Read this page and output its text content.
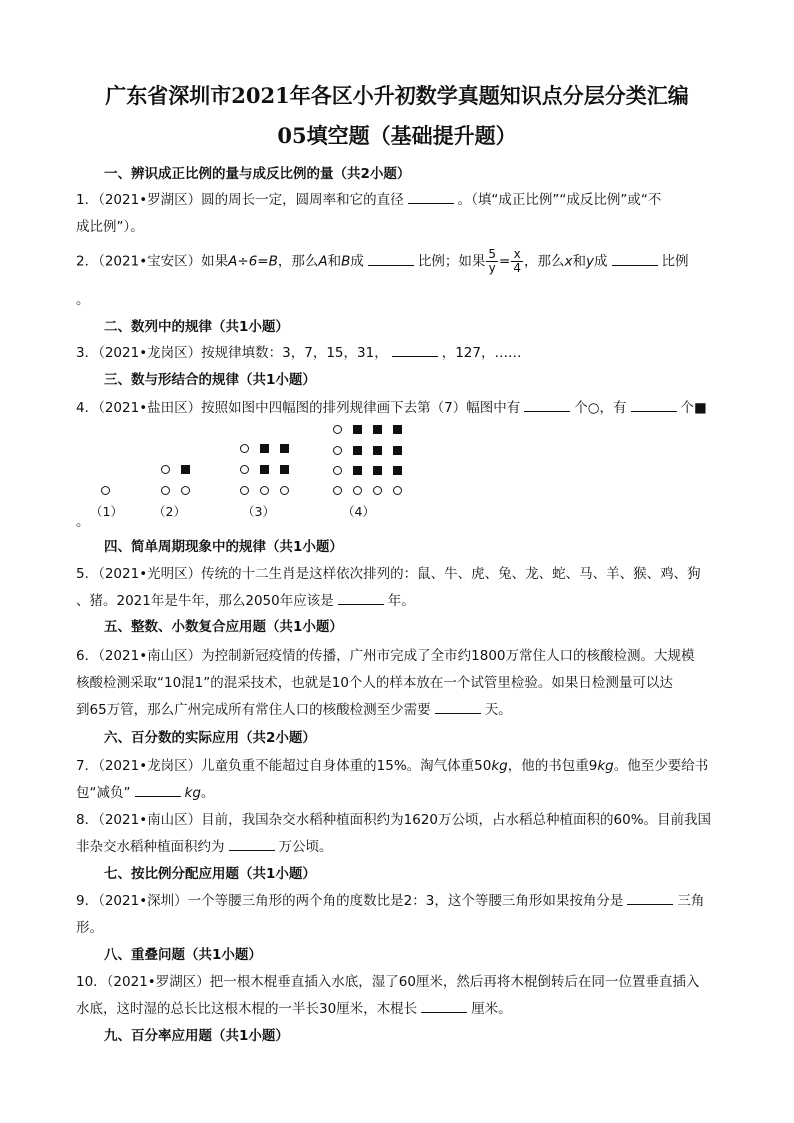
广东省深圳市2021年各区小升初数学真题知识点分层分类汇编
05填空题（基础提升题）
一、辨识成正比例的量与成反比例的量（共2小题）
1．（2021•罗湖区）圆的周长一定，圆周率和它的直径	。（填“成正比例”“成反比例”或“不
成比例”）。
2．（2021•宝安区）如果A÷6=B，那么A和B成	比例；如果 $\frac{5}{y} = \frac{x}{4}$ ，那么x和y成	比例
。
二、数列中的规律（共1小题）
3．（2021•龙岗区）按规律填数：3，7，15，31，	，127，……
三、数与形结合的规律（共1小题）
4．（2021•盐田区）按照如图中四幅图的排列规律画下去第（7）幅图中有	个○，有	个■
（1） （2）	（3）	（4）
。
四、简单周期现象中的规律（共1小题）
5．（2021•光明区）传统的十二生肖是这样依次排列的：鼠、牛、虎、兔、龙、蛇、马、羊、猴、鸡、狗
、猪。2021年是牛年，那么2050年应该是	年。
五、整数、小数复合应用题（共1小题）
6．（2021•南山区）为控制新冠疫情的传播，广州市完成了全市约1800万常住人口的核酸检测。大规模
核酸检测采取“10混1”的混采技术，也就是10个人的样本放在一个试管里检验。如果日检测量可以达
到65万管，那么广州完成所有常住人口的核酸检测至少需要	天。
六、百分数的实际应用（共2小题）
7．（2021•龙岗区）儿童负重不能超过自身体重的15%。淘气体重50kg，他的书包重9kg。他至少要给书
包“减负”	kg。
8．（2021•南山区）目前，我国杂交水稻种植面积约为1620万公顷，占水稻总种植面积的60%。目前我国
非杂交水稻种植面积约为	万公顷。
七、按比例分配应用题（共1小题）
9．（2021•深圳）一个等腰三角形的两个角的度数比是2：3，这个等腰三角形如果按角分是	三角
形。
八、重叠问题（共1小题）
10．（2021•罗湖区）把一根木棍垂直插入水底，湿了60厘米，然后再将木棍倒转后在同一位置垂直插入
水底，这时湿的总长比这根木棍的一半长30厘米，木棍长	厘米。
九、百分率应用题（共1小题）
